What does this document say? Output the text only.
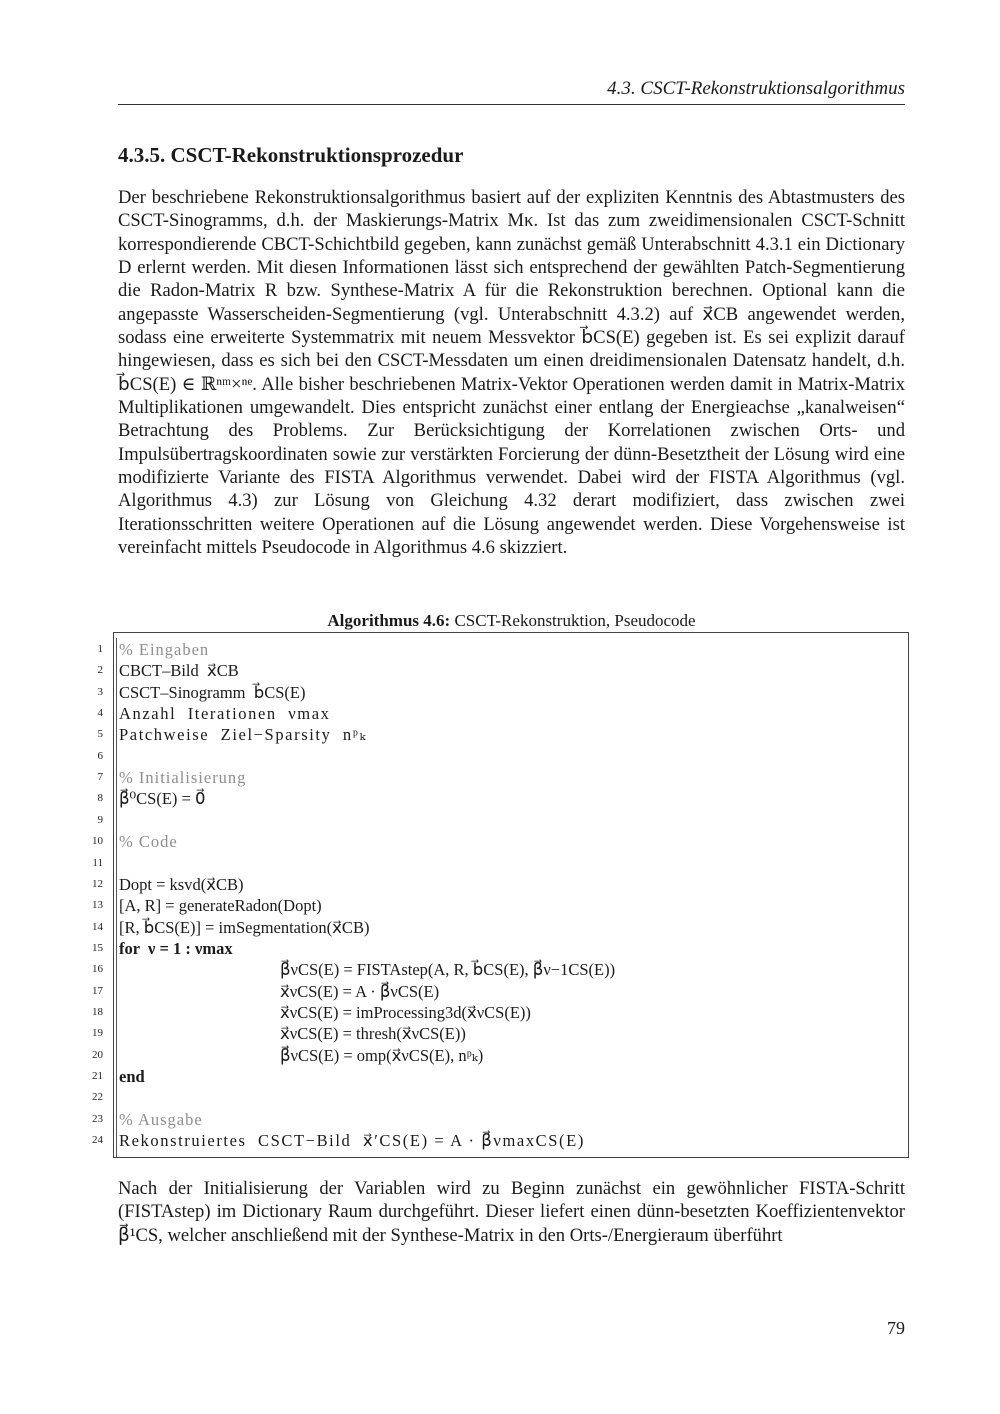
4.3. CSCT-Rekonstruktionsalgorithmus
4.3.5. CSCT-Rekonstruktionsprozedur

Der beschriebene Rekonstruktionsalgorithmus basiert auf der expliziten Kenntnis des Abtastmusters des CSCT-Sinogramms, d.h. der Maskierungs-Matrix Mκ. Ist das zum zweidimensionalen CSCT-Schnitt korrespondierende CBCT-Schichtbild gegeben, kann zunächst gemäß Unterabschnitt 4.3.1 ein Dictionary D erlernt werden. Mit diesen Informationen lässt sich entsprechend der gewählten Patch-Segmentierung die Radon-Matrix R bzw. Synthese-Matrix A für die Rekonstruktion berechnen. Optional kann die angepasste Wasserscheiden-Segmentierung (vgl. Unterabschnitt 4.3.2) auf x⃗CB angewendet werden, sodass eine erweiterte Systemmatrix mit neuem Messvektor b⃗CS(E) gegeben ist. Es sei explizit darauf hingewiesen, dass es sich bei den CSCT-Messdaten um einen dreidimensionalen Datensatz handelt, d.h. b⃗CS(E) ∈ ℝⁿᵐ×ⁿᵉ. Alle bisher beschriebenen Matrix-Vektor Operationen werden damit in Matrix-Matrix Multiplikationen umgewandelt. Dies entspricht zunächst einer entlang der Energieachse „kanalweisen“ Betrachtung des Problems. Zur Berücksichtigung der Korrelationen zwischen Orts- und Impulsübertragskoordinaten sowie zur verstärkten Forcierung der dünn-Besetztheit der Lösung wird eine modifizierte Variante des FISTA Algorithmus verwendet. Dabei wird der FISTA Algorithmus (vgl. Algorithmus 4.3) zur Lösung von Gleichung 4.32 derart modifiziert, dass zwischen zwei Iterationsschritten weitere Operationen auf die Lösung angewendet werden. Diese Vorgehensweise ist vereinfacht mittels Pseudocode in Algorithmus 4.6 skizziert.

Algorithmus 4.6: CSCT-Rekonstruktion, Pseudocode
1 % Eingaben
2 CBCT–Bild  x⃗CB
3 CSCT–Sinogramm  b⃗CS(E)
4 Anzahl  Iterationen  νmax
5 Patchweise  Ziel−Sparsity  nᵖₖ
6
7 % Initialisierung
8 β⃗⁰CS(E) = 0⃗
9
10 % Code
11
12 Dopt = ksvd(x⃗CB)
13 [A, R] = generateRadon(Dopt)
14 [R, b⃗CS(E)] = imSegmentation(x⃗CB)
15 for  ν = 1 : νmax
16	β⃗νCS(E) = FISTAstep(A, R, b⃗CS(E), β⃗ν−1CS(E))
17	x⃗νCS(E) = A · β⃗νCS(E)
18	x⃗νCS(E) = imProcessing3d(x⃗νCS(E))
19	x⃗νCS(E) = thresh(x⃗νCS(E))
20	β⃗νCS(E) = omp(x⃗νCS(E), nᵖₖ)
21 end
22
23 % Ausgabe
24 Rekonstruiertes  CSCT−Bild  x⃗′CS(E) = A · β⃗νmaxCS(E)

Nach der Initialisierung der Variablen wird zu Beginn zunächst ein gewöhnlicher FISTA-Schritt (FISTAstep) im Dictionary Raum durchgeführt. Dieser liefert einen dünn-besetzten Koeffizientenvektor β⃗¹CS, welcher anschließend mit der Synthese-Matrix in den Orts-/Energieraum überführt

79
